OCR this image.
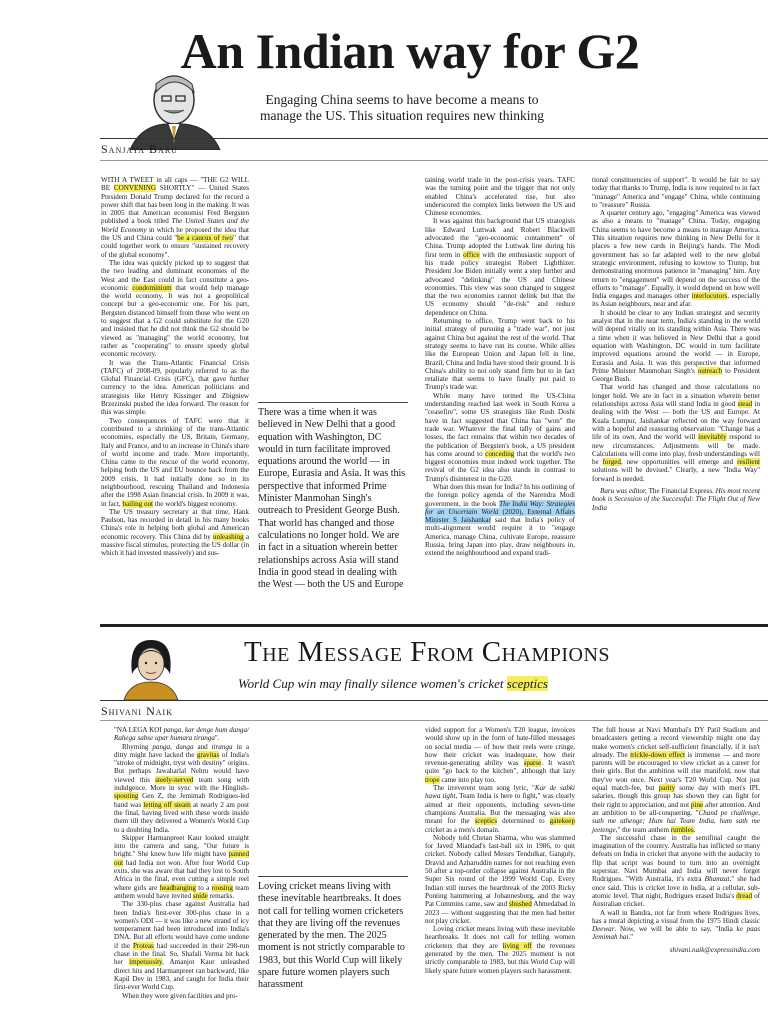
An Indian way for G2
Engaging China seems to have become a means to manage the US. This situation requires new thinking
Sanjaya Baru

WITH A TWEET in all caps — "THE G2 WILL BE CONVENING SHORTLY" — United States President Donald Trump declared for the record a power shift that has been long in the making. It was in 2005 that American economist Fred Bergsten published a book titled The United States and the World Economy in which he proposed the idea that the US and China could "be a caucus of two" that could together work to ensure "sustained recovery of the global economy".

The idea was quickly picked up to suggest that the two leading and dominant economies of the West and the East could in fact constitute a geo-economic condominium that would help manage the world economy. It was not a geopolitical concept but a geo-economic one. For his part, Bergsten distanced himself from those who went on to suggest that a G2 could substitute for the G20 and insisted that he did not think the G2 should be viewed as "managing" the world economy, but rather as "cooperating" to ensure speedy global economic recovery.

It was the Trans-Atlantic Financial Crisis (TAFC) of 2008-09, popularly referred to as the Global Financial Crisis (GFC), that gave further currency to the idea. American politicians and strategists like Henry Kissinger and Zbigniew Brzezinski pushed the idea forward. The reason for this was simple.

Two consequences of TAFC were that it contributed to a shrinking of the trans-Atlantic economies, especially the US, Britain, Germany, Italy and France, and to an increase in China's share of world income and trade. More importantly, China came to the rescue of the world economy, helping both the US and EU bounce back from the 2009 crisis. It had initially done so in its neighbourhood, rescuing Thailand and Indonesia after the 1998 Asian financial crisis. In 2009 it was, in fact, bailing out the world's biggest economy.

The US treasury secretary at that time, Hank Paulson, has recorded in detail in his many books China's role in helping both global and American economic recovery. This China did by unleashing a massive fiscal stimulus, protecting the US dollar (in which it had invested massively) and sus-

There was a time when it was believed in New Delhi that a good equation with Washington, DC would in turn facilitate improved equations around the world — in Europe, Eurasia and Asia. It was this perspective that informed Prime Minister Manmohan Singh's outreach to President George Bush. That world has changed and those calculations no longer hold. We are in fact in a situation wherein better relationships across Asia will stand India in good stead in dealing with the West — both the US and Europe

taining world trade in the post-crisis years. TAFC was the turning point and the trigger that not only enabled China's accelerated rise, but also underscored the complex links between the US and Chinese economies.

It was against this background that US strategists like Edward Luttwak and Robert Blackwill advocated the "geo-economic containment" of China. Trump adopted the Luttwak line during his first term in office with the enthusiastic support of his trade policy strategist Robert Lighthizer. President Joe Biden initially went a step further and advocated "delinking" the US and Chinese economies. This view was soon changed to suggest that the two economies cannot delink but that the US economy should "de-risk" and reduce dependence on China.

Returning to office, Trump went back to his initial strategy of pursuing a "trade war", not just against China but against the rest of the world. That strategy seems to have run its course. While allies like the European Union and Japan fell in line, Brazil, China and India have stood their ground. It is China's ability to not only stand firm but to in fact retaliate that seems to have finally put paid to Trump's trade war.

While many have termed the US-China understanding reached last week in South Korea a "ceasefire", some US strategists like Rush Doshi have in fact suggested that China has "won" the trade war. Whatever the final tally of gains and losses, the fact remains that within two decades of the publication of Bergsten's book, a US president has come around to conceding that the world's two biggest economies must indeed work together. The revival of the G2 idea also stands in contrast to Trump's disinterest in the G20.

What does this mean for India? In his outlining of the foreign policy agenda of the Narendra Modi government, in the book The India Way: Strategies for an Uncertain World (2020), External Affairs Minister S Jaishankar said that India's policy of multi-alignment would require it to "engage America, manage China, cultivate Europe, reassure Russia, bring Japan into play, draw neighbours in, extend the neighbourhood and expand tradi-

tional constituencies of support". It would be fair to say today that thanks to Trump, India is now required to in fact "manage" America and "engage" China, while continuing to "reassure" Russia.

A quarter century ago, "engaging" America was viewed as also a means to "manage" China. Today, engaging China seems to have become a means to manage America. This situation requires new thinking in New Delhi for it places a few new cards in Beijing's hands. The Modi government has so far adapted well to the new global strategic environment, refusing to kowtow to Trump, but demonstrating enormous patience in "managing" him. Any return to "engagement" will depend on the success of the efforts to "manage". Equally, it would depend on how well India engages and manages other interlocutors, especially its Asian neighbours, near and afar.

It should be clear to any Indian strategist and security analyst that in the near term, India's standing in the world will depend vitally on its standing within Asia. There was a time when it was believed in New Delhi that a good equation with Washington, DC would in turn facilitate improved equations around the world — in Europe, Eurasia and Asia. It was this perspective that informed Prime Minister Manmohan Singh's outreach to President George Bush.

That world has changed and those calculations no longer hold. We are in fact in a situation wherein better relationships across Asia will stand India in good stead in dealing with the West — both the US and Europe. At Kuala Lumpur, Jaishankar reflected on the way forward with a hopeful and reassuring observation: "Change has a life of its own. And the world will inevitably respond to new circumstances. Adjustments will be made. Calculations will come into play, fresh understandings will be forged, new opportunities will emerge and resilient solutions will be devised." Clearly, a new "India Way" forward is needed.

Baru was editor, The Financial Express. His most recent book is Secession of the Successful: The Flight Out of New India

The Message From Champions
World Cup win may finally silence women's cricket sceptics
Shivani Naik

"NA LEGA KOI panga, kar denge hum danga/ Rahega sabse upar humara tiranga".

Rhyming panga, danga and tiranga in a ditty might have lacked the gravitas of India's "stroke of midnight, tryst with destiny" origins. But perhaps Jawaharlal Nehru would have viewed this steely-nerved team song with indulgence. More in sync with the Hinglish-spouting Gen Z, the Jemimah Rodrigues-led band was letting off steam at nearly 2 am post the final, having lived with these words inside them till they delivered a Women's World Cup to a doubting India.

Skipper Harmanpreet Kaur looked straight into the camera and sang, "Our future is bright." She knew how life might have panned out had India not won. After four World Cup exits, she was aware that had they lost to South Africa in the final, even cutting a simple reel where girls are headbanging to a rousing team anthem would have invited snide remarks.

The 330-plus chase against Australia had been India's first-ever 300-plus chase in a women's ODI — it was like a new strand of icy temperament had been introduced into India's DNA. But all efforts would have come undone if the Proteas had succeeded in their 298-run chase in the final. So, Shafali Verma bit back her impetuosity, Amanjot Kaur unleashed direct hits and Harmanpreet ran backward, like Kapil Dev in 1983, and caught for India their first-ever World Cup.

When they were given facilities and pro-

Loving cricket means living with these inevitable heartbreaks. It does not call for telling women cricketers that they are living off the revenues generated by the men. The 2025 moment is not strictly comparable to 1983, but this World Cup will likely spare future women players such harassment

vided support for a Women's T20 league, invoices would show up in the form of hate-filled messages on social media — of how their reels were cringe, how their cricket was inadequate, how their revenue-generating ability was sparse. It wasn't quite "go back to the kitchen", although that lazy trope came into play too.

The irreverent team song lyric, "Kar de sabki hawa tight, Team India is here to fight," was clearly aimed at their opponents, including seven-time champions Australia. But the messaging was also meant for the sceptics determined to gatekeep cricket as a men's domain.

Nobody told Chetan Sharma, who was slammed for Javed Miandad's last-ball six in 1986, to quit cricket. Nobody called Messrs Tendulkar, Ganguly, Dravid and Azharuddin names for not reaching even 50 after a top-order collapse against Australia in the Super Six round of the 1999 World Cup. Every Indian still nurses the heartbreak of the 2003 Ricky Ponting hammering at Johannesburg, and the way Pat Cummins came, saw and shushed Ahmedabad in 2023 — without suggesting that the men had better not play cricket.

Loving cricket means living with these inevitable heartbreaks. It does not call for telling women cricketers that they are living off the revenues generated by the men. The 2025 moment is not strictly comparable to 1983, but this World Cup will likely spare future women players such harassment.

The full house at Navi Mumbai's DY Patil Stadium and broadcasters getting a record viewership might one day make women's cricket self-sufficient financially, if it isn't already. The trickle-down effect is immense — and more parents will be encouraged to view cricket as a career for their girls. But the ambition will rise manifold, now that they've won once. Next year's T20 World Cup. Not just equal match-fee, but parity some day with men's IPL salaries, though this group has shown they can fight for their right to appreciation, and not pine after attention. And an ambition to be all-conquering. "Chand pe challenge, suth me uthenge; Hum hai Team India, hum sath me jeetenge," the team anthem rumbles.

The successful chase in the semifinal caught the imagination of the country. Australia has inflicted so many defeats on India in cricket that anyone with the audacity to flip that script was bound to turn into an overnight superstar. Navi Mumbai and India will never forget Rodrigues. "With Australia, it's extra Bhamzat," she had once said. This is cricket love in India, at a cellular, sub-atomic level. That night, Rodrigues erased India's dread of Australian cricket.

A wall in Bandra, not far from where Rodrigues lives, has a mural depicting a visual from the 1975 Hindi classic Deewar. Now, we will be able to say, "India ke paas Jemimah hai."

shivani.naik@expressindia.com
